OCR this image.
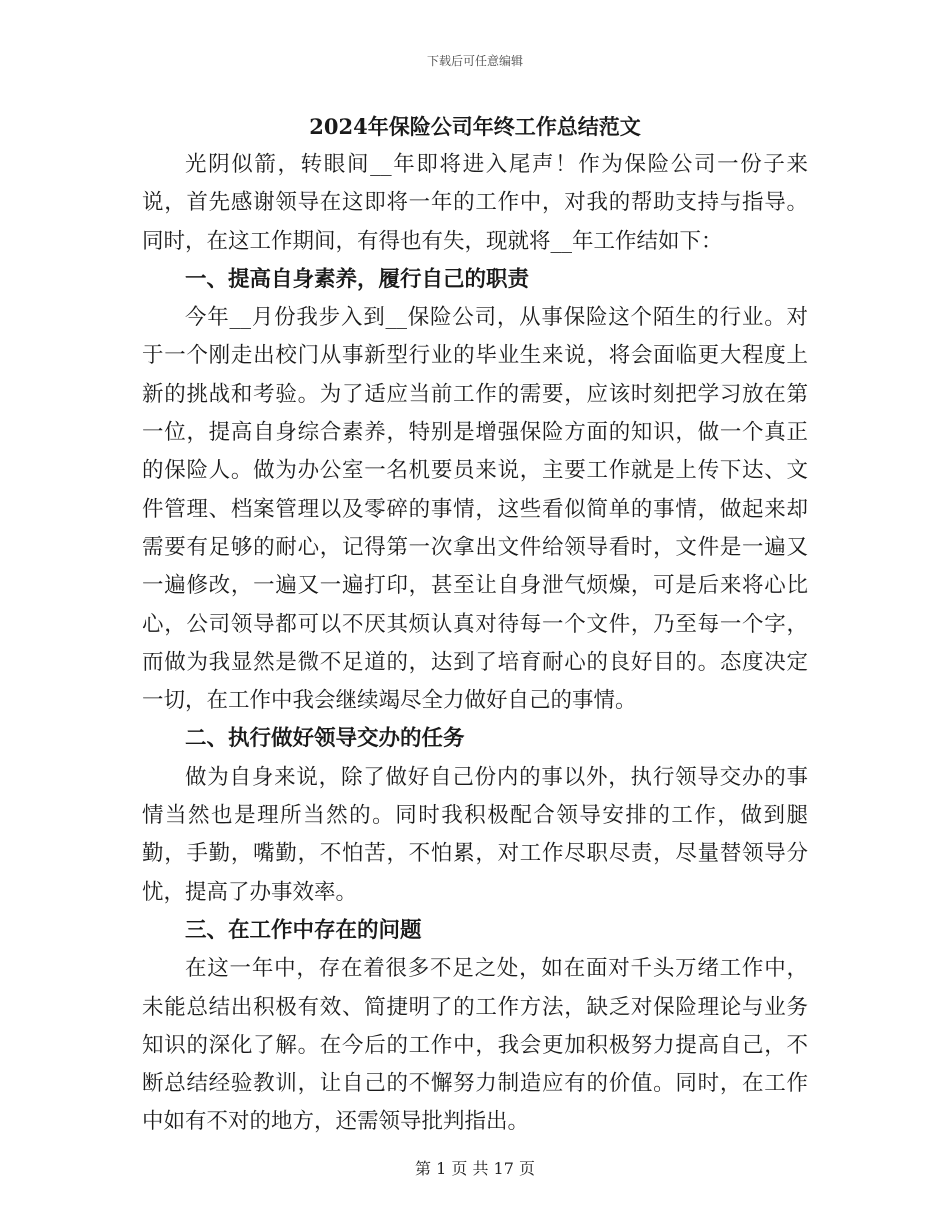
下载后可任意编辑
2024年保险公司年终工作总结范文

光阴似箭，转眼间__年即将进入尾声！作为保险公司一份子来说，首先感谢领导在这即将一年的工作中，对我的帮助支持与指导。同时，在这工作期间，有得也有失，现就将__年工作结如下：

一、提高自身素养，履行自己的职责

今年__月份我步入到__保险公司，从事保险这个陌生的行业。对于一个刚走出校门从事新型行业的毕业生来说，将会面临更大程度上新的挑战和考验。为了适应当前工作的需要，应该时刻把学习放在第一位，提高自身综合素养，特别是增强保险方面的知识，做一个真正的保险人。做为办公室一名机要员来说，主要工作就是上传下达、文件管理、档案管理以及零碎的事情，这些看似简单的事情，做起来却需要有足够的耐心，记得第一次拿出文件给领导看时，文件是一遍又一遍修改，一遍又一遍打印，甚至让自身泄气烦燥，可是后来将心比心，公司领导都可以不厌其烦认真对待每一个文件，乃至每一个字，而做为我显然是微不足道的，达到了培育耐心的良好目的。态度决定一切，在工作中我会继续竭尽全力做好自己的事情。

二、执行做好领导交办的任务

做为自身来说，除了做好自己份内的事以外，执行领导交办的事情当然也是理所当然的。同时我积极配合领导安排的工作，做到腿勤，手勤，嘴勤，不怕苦，不怕累，对工作尽职尽责，尽量替领导分忧，提高了办事效率。

三、在工作中存在的问题

在这一年中，存在着很多不足之处，如在面对千头万绪工作中，未能总结出积极有效、简捷明了的工作方法，缺乏对保险理论与业务知识的深化了解。在今后的工作中，我会更加积极努力提高自己，不断总结经验教训，让自己的不懈努力制造应有的价值。同时，在工作中如有不对的地方，还需领导批判指出。

第 1 页 共 17 页
